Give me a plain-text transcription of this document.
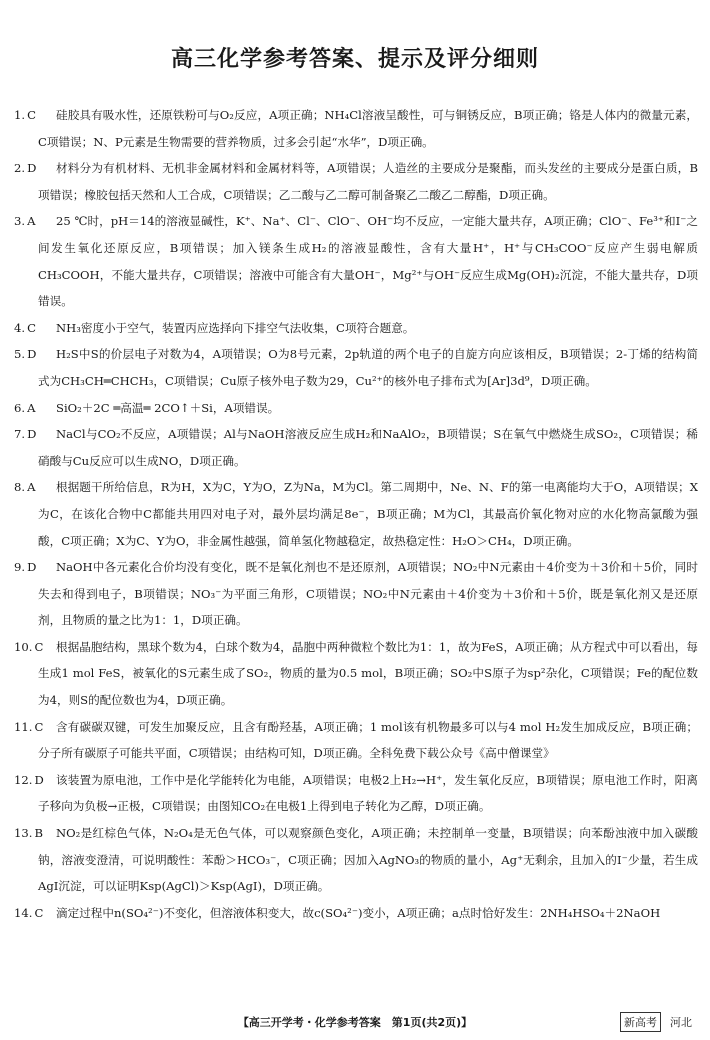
高三化学参考答案、提示及评分细则
1. C 硅胶具有吸水性，还原铁粉可与O₂反应，A项正确；NH₄Cl溶液呈酸性，可与铜锈反应，B项正确；铬是人体内的微量元素，C项错误；N、P元素是生物需要的营养物质，过多会引起“水华”，D项正确。
2. D 材料分为有机材料、无机非金属材料和金属材料等，A项错误；人造丝的主要成分是聚酯，而头发丝的主要成分是蛋白质，B项错误；橡胶包括天然和人工合成，C项错误；乙二酸与乙二醇可制备聚乙二酸乙二醇酯，D项正确。
3. A 25 ℃时，pH＝14的溶液显碱性，K⁺、Na⁺、Cl⁻、ClO⁻、OH⁻均不反应，一定能大量共存，A项正确；ClO⁻、Fe³⁺和I⁻之间发生氧化还原反应，B项错误；加入镁条生成H₂的溶液显酸性，含有大量H⁺，H⁺与CH₃COO⁻反应产生弱电解质CH₃COOH，不能大量共存，C项错误；溶液中可能含有大量OH⁻，Mg²⁺与OH⁻反应生成Mg(OH)₂沉淀，不能大量共存，D项错误。
4. C NH₃密度小于空气，装置丙应选择向下排空气法收集，C项符合题意。
5. D H₂S中S的价层电子对数为4，A项错误；O为8号元素，2p轨道的两个电子的自旋方向应该相反，B项错误；2-丁烯的结构简式为CH₃CH═CHCH₃，C项错误；Cu原子核外电子数为29，Cu²⁺的核外电子排布式为[Ar]3d⁹，D项正确。
6. A SiO₂＋2C ═高温═ 2CO↑＋Si，A项错误。
7. D NaCl与CO₂不反应，A项错误；Al与NaOH溶液反应生成H₂和NaAlO₂，B项错误；S在氧气中燃烧生成SO₂，C项错误；稀硝酸与Cu反应可以生成NO，D项正确。
8. A 根据题干所给信息，R为H，X为C，Y为O，Z为Na，M为Cl。第二周期中，Ne、N、F的第一电离能均大于O，A项错误；X为C，在该化合物中C都能共用四对电子对，最外层均满足8e⁻，B项正确；M为Cl，其最高价氧化物对应的水化物高氯酸为强酸，C项正确；X为C、Y为O，非金属性越强，简单氢化物越稳定，故热稳定性：H₂O＞CH₄，D项正确。
9. D NaOH中各元素化合价均没有变化，既不是氧化剂也不是还原剂，A项错误；NO₂中N元素由＋4价变为＋3价和＋5价，同时失去和得到电子，B项错误；NO₃⁻为平面三角形，C项错误；NO₂中N元素由＋4价变为＋3价和＋5价，既是氧化剂又是还原剂，且物质的量之比为1：1，D项正确。
10. C 根据晶胞结构，黑球个数为4，白球个数为4，晶胞中两种微粒个数比为1：1，故为FeS，A项正确；从方程式中可以看出，每生成1 mol FeS，被氧化的S元素生成了SO₂，物质的量为0.5 mol，B项正确；SO₂中S原子为sp²杂化，C项错误；Fe的配位数为4，则S的配位数也为4，D项正确。
11. C 含有碳碳双键，可发生加聚反应，且含有酚羟基，A项正确；1 mol该有机物最多可以与4 mol H₂发生加成反应，B项正确；分子所有碳原子可能共平面，C项错误；由结构可知，D项正确。全科免费下载公众号《高中僧课堂》
12. D 该装置为原电池，工作中是化学能转化为电能，A项错误；电极2上H₂→H⁺，发生氧化反应，B项错误；原电池工作时，阳离子移向为负极→正极，C项错误；由图知CO₂在电极1上得到电子转化为乙醇，D项正确。
13. B NO₂是红棕色气体，N₂O₄是无色气体，可以观察颜色变化，A项正确；未控制单一变量，B项错误；向苯酚浊液中加入碳酸钠，溶液变澄清，可说明酸性：苯酚＞HCO₃⁻，C项正确；因加入AgNO₃的物质的量小，Ag⁺无剩余，且加入的I⁻少量，若生成AgI沉淀，可以证明Ksp(AgCl)＞Ksp(AgI)，D项正确。
14. C 滴定过程中n(SO₄²⁻)不变化，但溶液体积变大，故c(SO₄²⁻)变小，A项正确；a点时恰好发生：2NH₄HSO₄＋2NaOH
【高三开学考・化学参考答案　第1页(共2页)】	新高考	河北
